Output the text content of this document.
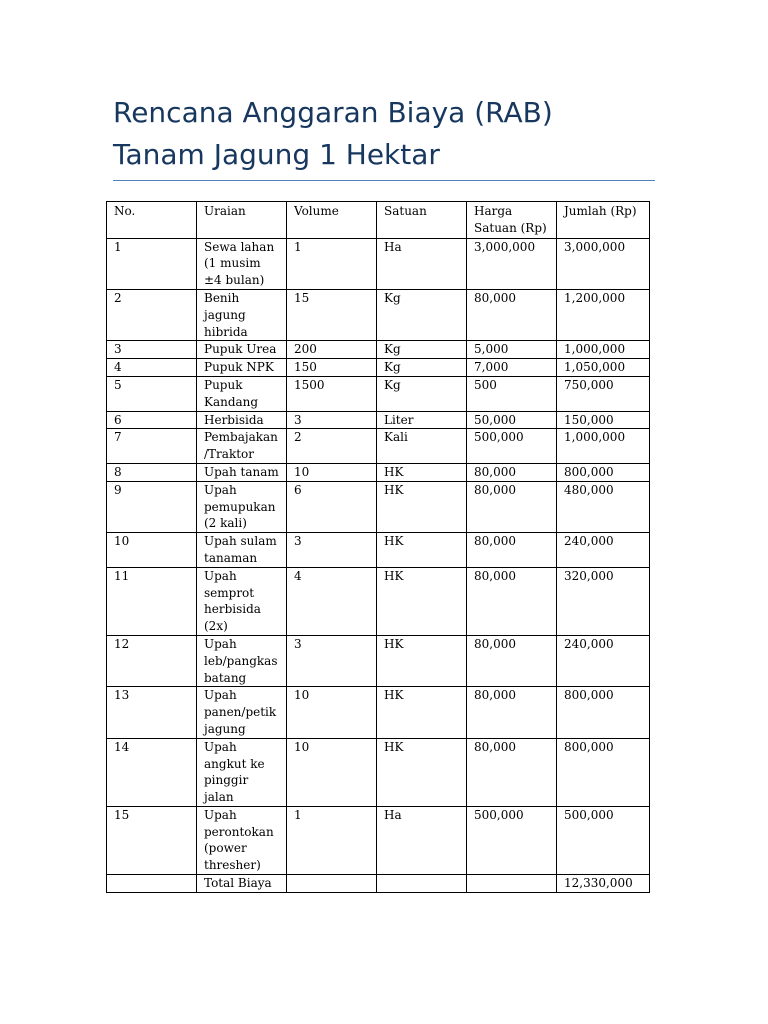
Rencana Anggaran Biaya (RAB) Tanam Jagung 1 Hektar
No.	Uraian	Volume	Satuan	Harga Satuan (Rp)	Jumlah (Rp)
1	Sewa lahan (1 musim ±4 bulan)	1	Ha	3,000,000	3,000,000
2	Benih jagung hibrida	15	Kg	80,000	1,200,000
3	Pupuk Urea	200	Kg	5,000	1,000,000
4	Pupuk NPK	150	Kg	7,000	1,050,000
5	Pupuk Kandang	1500	Kg	500	750,000
6	Herbisida	3	Liter	50,000	150,000
7	Pembajakan /Traktor	2	Kali	500,000	1,000,000
8	Upah tanam	10	HK	80,000	800,000
9	Upah pemupukan (2 kali)	6	HK	80,000	480,000
10	Upah sulam tanaman	3	HK	80,000	240,000
11	Upah semprot herbisida (2x)	4	HK	80,000	320,000
12	Upah leb/pangkas batang	3	HK	80,000	240,000
13	Upah panen/petik jagung	10	HK	80,000	800,000
14	Upah angkut ke pinggir jalan	10	HK	80,000	800,000
15	Upah perontokan (power thresher)	1	Ha	500,000	500,000
	Total Biaya				12,330,000
